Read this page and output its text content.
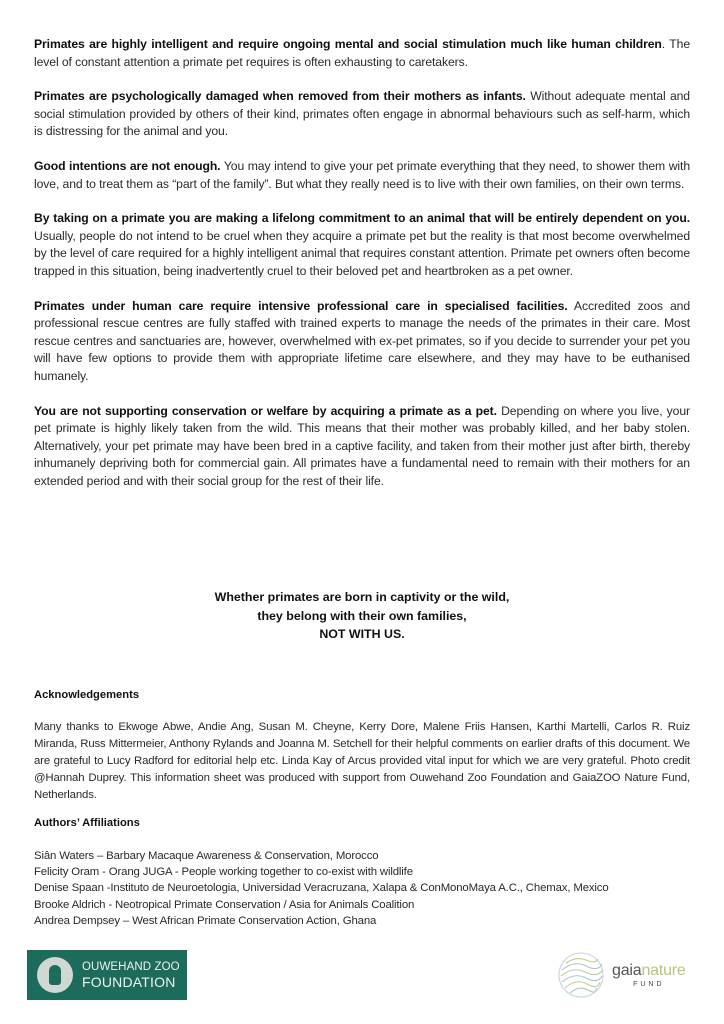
Primates are highly intelligent and require ongoing mental and social stimulation much like human children. The level of constant attention a primate pet requires is often exhausting to caretakers.

Primates are psychologically damaged when removed from their mothers as infants. Without adequate mental and social stimulation provided by others of their kind, primates often engage in abnormal behaviours such as self-harm, which is distressing for the animal and you.

Good intentions are not enough. You may intend to give your pet primate everything that they need, to shower them with love, and to treat them as “part of the family”. But what they really need is to live with their own families, on their own terms.

By taking on a primate you are making a lifelong commitment to an animal that will be entirely dependent on you. Usually, people do not intend to be cruel when they acquire a primate pet but the reality is that most become overwhelmed by the level of care required for a highly intelligent animal that requires constant attention. Primate pet owners often become trapped in this situation, being inadvertently cruel to their beloved pet and heartbroken as a pet owner.

Primates under human care require intensive professional care in specialised facilities. Accredited zoos and professional rescue centres are fully staffed with trained experts to manage the needs of the primates in their care. Most rescue centres and sanctuaries are, however, overwhelmed with ex-pet primates, so if you decide to surrender your pet you will have few options to provide them with appropriate lifetime care elsewhere, and they may have to be euthanised humanely.

You are not supporting conservation or welfare by acquiring a primate as a pet. Depending on where you live, your pet primate is highly likely taken from the wild. This means that their mother was probably killed, and her baby stolen. Alternatively, your pet primate may have been bred in a captive facility, and taken from their mother just after birth, thereby inhumanely depriving both for commercial gain. All primates have a fundamental need to remain with their mothers for an extended period and with their social group for the rest of their life.

Whether primates are born in captivity or the wild,
they belong with their own families,
NOT WITH US.
Acknowledgements
Many thanks to Ekwoge Abwe, Andie Ang, Susan M. Cheyne, Kerry Dore, Malene Friis Hansen, Karthi Martelli, Carlos R. Ruiz Miranda, Russ Mittermeier, Anthony Rylands and Joanna M. Setchell for their helpful comments on earlier drafts of this document. We are grateful to Lucy Radford for editorial help etc. Linda Kay of Arcus provided vital input for which we are very grateful. Photo credit @Hannah Duprey. This information sheet was produced with support from Ouwehand Zoo Foundation and GaiaZOO Nature Fund, Netherlands.
Authors’ Affiliations
Siân Waters – Barbary Macaque Awareness & Conservation, Morocco
Felicity Oram - Orang JUGA - People working together to co-exist with wildlife
Denise Spaan -Instituto de Neuroetologia, Universidad Veracruzana, Xalapa & ConMonoMaya A.C., Chemax, Mexico
Brooke Aldrich - Neotropical Primate Conservation / Asia for Animals Coalition
Andrea Dempsey – West African Primate Conservation Action, Ghana
OUWEHAND ZOO
FOUNDATION
gaianature
FUND
